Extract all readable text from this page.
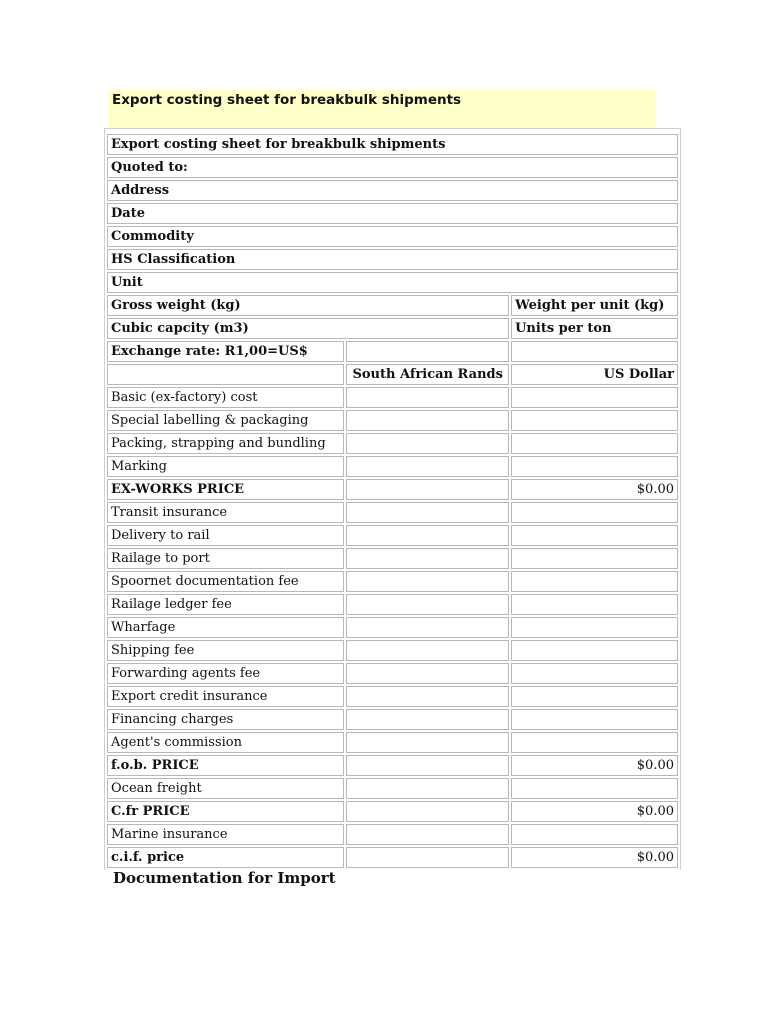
Export costing sheet for breakbulk shipments
Export costing sheet for breakbulk shipments		
Quoted to:		
Address		
Date		
Commodity		
HS Classification		
Unit		
Gross weight (kg)		Weight per unit (kg)
Cubic capcity (m3)		Units per ton
Exchange rate: R1,00=US$		
	South African Rands	US Dollar
Basic (ex-factory) cost		
Special labelling & packaging		
Packing, strapping and bundling		
Marking		
EX-WORKS PRICE		$0.00
Transit insurance		
Delivery to rail		
Railage to port		
Spoornet documentation fee		
Railage ledger fee		
Wharfage		
Shipping fee		
Forwarding agents fee		
Export credit insurance		
Financing charges		
Agent's commission		
f.o.b. PRICE		$0.00
Ocean freight		
C.fr PRICE		$0.00
Marine insurance		
c.i.f. price		$0.00
Documentation for Import
